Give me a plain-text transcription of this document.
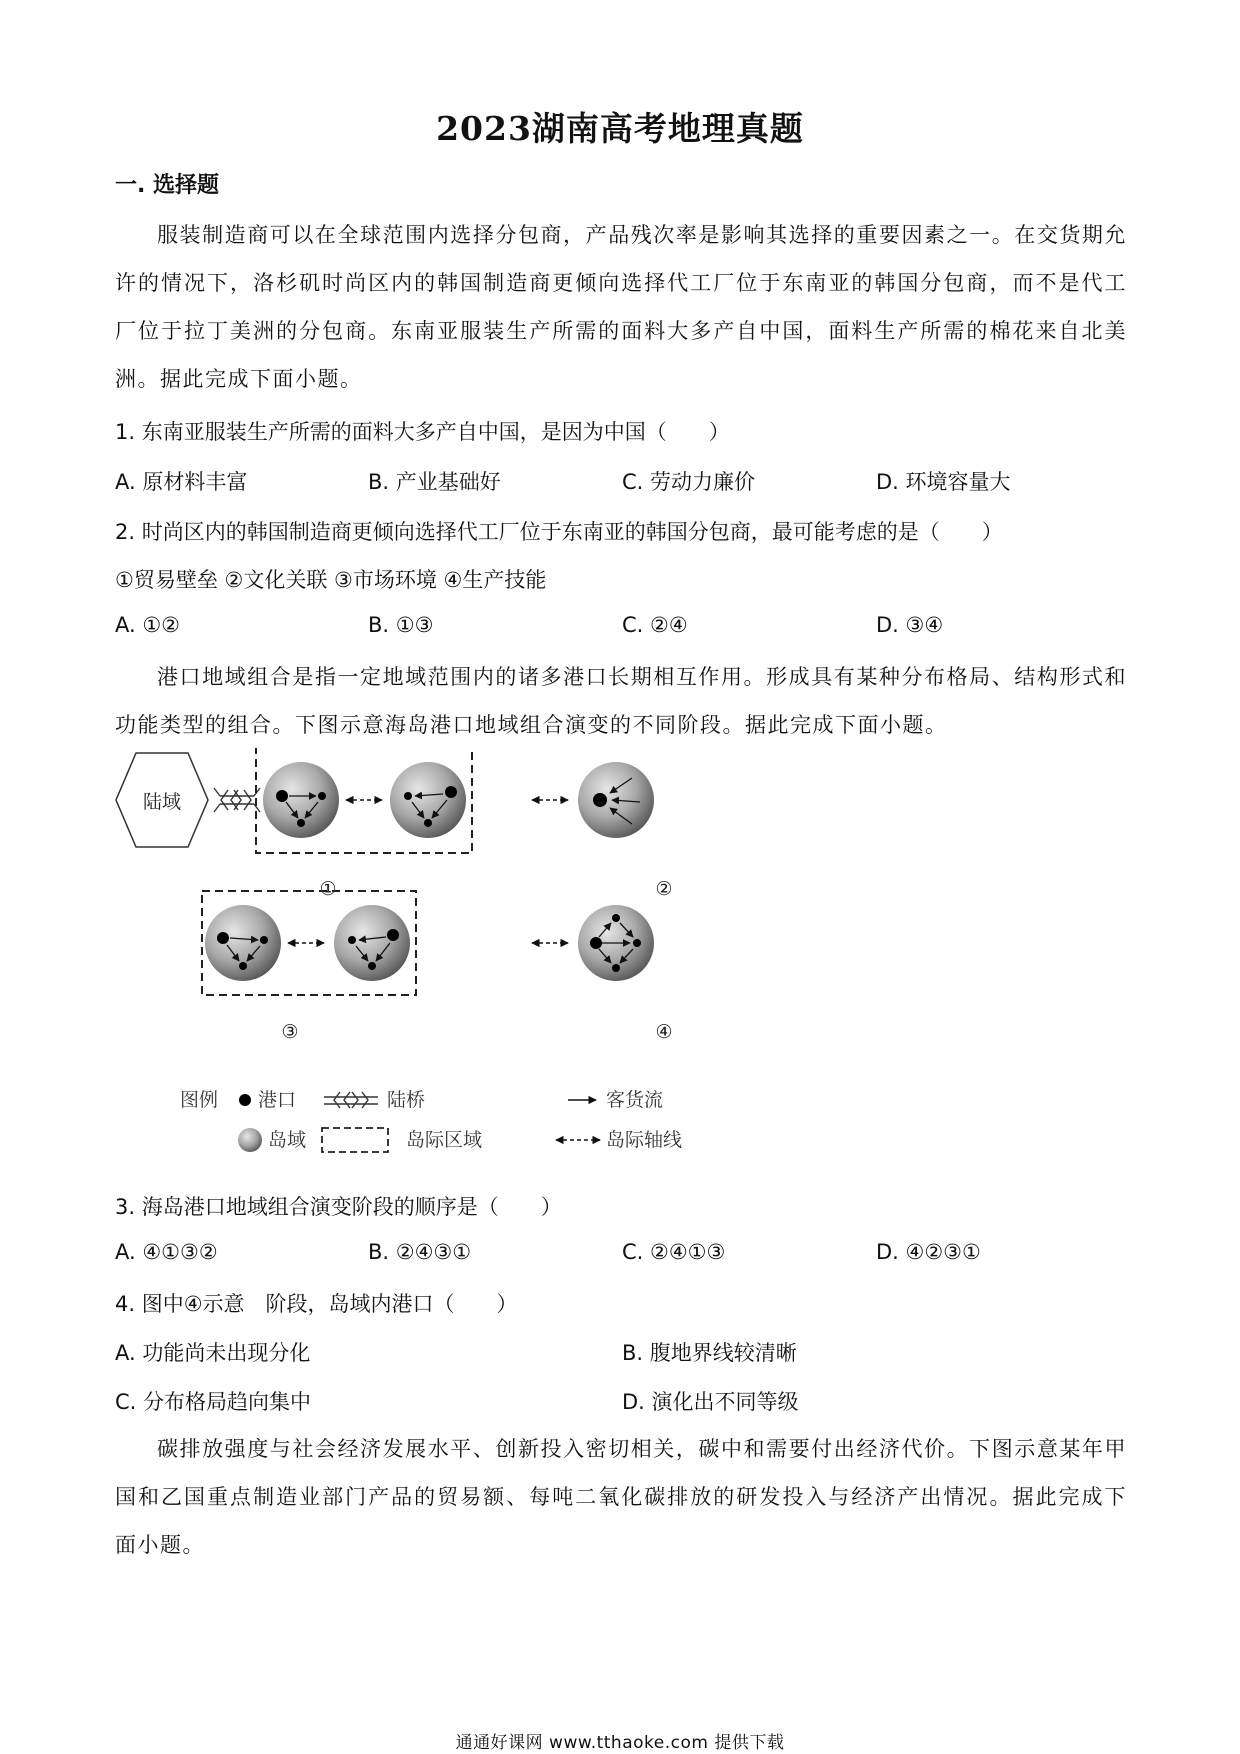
2023湖南高考地理真题
一. 选择题

服装制造商可以在全球范围内选择分包商，产品残次率是影响其选择的重要因素之一。在交货期允许的情况下，洛杉矶时尚区内的韩国制造商更倾向选择代工厂位于东南亚的韩国分包商，而不是代工厂位于拉丁美洲的分包商。东南亚服装生产所需的面料大多产自中国，面料生产所需的棉花来自北美洲。据此完成下面小题。

1. 东南亚服装生产所需的面料大多产自中国，是因为中国（　　）
A. 原材料丰富	B. 产业基础好	C. 劳动力廉价	D. 环境容量大
2. 时尚区内的韩国制造商更倾向选择代工厂位于东南亚的韩国分包商，最可能考虑的是（　　）
①贸易壁垒 ②文化关联 ③市场环境 ④生产技能
A. ①②	B. ①③	C. ②④	D. ③④

港口地域组合是指一定地域范围内的诸多港口长期相互作用。形成具有某种分布格局、结构形式和功能类型的组合。下图示意海岛港口地域组合演变的不同阶段。据此完成下面小题。

陆域
①	②
③	④
图例 港口	陆桥	客货流
岛域	岛际区域	岛际轴线
3. 海岛港口地域组合演变阶段的顺序是（　　）
A. ④①③②	B. ②④③①	C. ②④①③	D. ④②③①
4. 图中④示意　阶段，岛域内港口（　　）
A. 功能尚未出现分化	B. 腹地界线较清晰
C. 分布格局趋向集中	D. 演化出不同等级

碳排放强度与社会经济发展水平、创新投入密切相关，碳中和需要付出经济代价。下图示意某年甲国和乙国重点制造业部门产品的贸易额、每吨二氧化碳排放的研发投入与经济产出情况。据此完成下面小题。

通通好课网 www.tthaoke.com 提供下载
